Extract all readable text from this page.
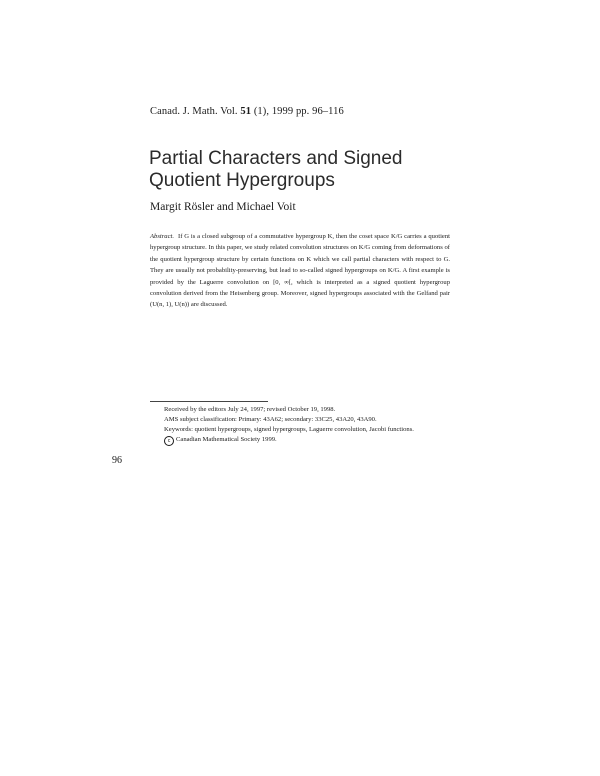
Canad. J. Math. Vol. 51 (1), 1999 pp. 96–116
Partial Characters and Signed
Quotient Hypergroups
Margit Rösler and Michael Voit

Abstract. If G is a closed subgroup of a commutative hypergroup K, then the coset space K/G carries a quotient hypergroup structure. In this paper, we study related convolution structures on K/G coming from deformations of the quotient hypergroup structure by certain functions on K which we call partial characters with respect to G. They are usually not probability-preserving, but lead to so-called signed hypergroups on K/G. A first example is provided by the Laguerre convolution on [0, ∞[, which is interpreted as a signed quotient hypergroup convolution derived from the Heisenberg group. Moreover, signed hypergroups associated with the Gelfand pair (U(n, 1), U(n)) are discussed.

Received by the editors July 24, 1997; revised October 19, 1998.
AMS subject classification: Primary: 43A62; secondary: 33C25, 43A20, 43A90.
Keywords: quotient hypergroups, signed hypergroups, Laguerre convolution, Jacobi functions.
c Canadian Mathematical Society 1999.
96
